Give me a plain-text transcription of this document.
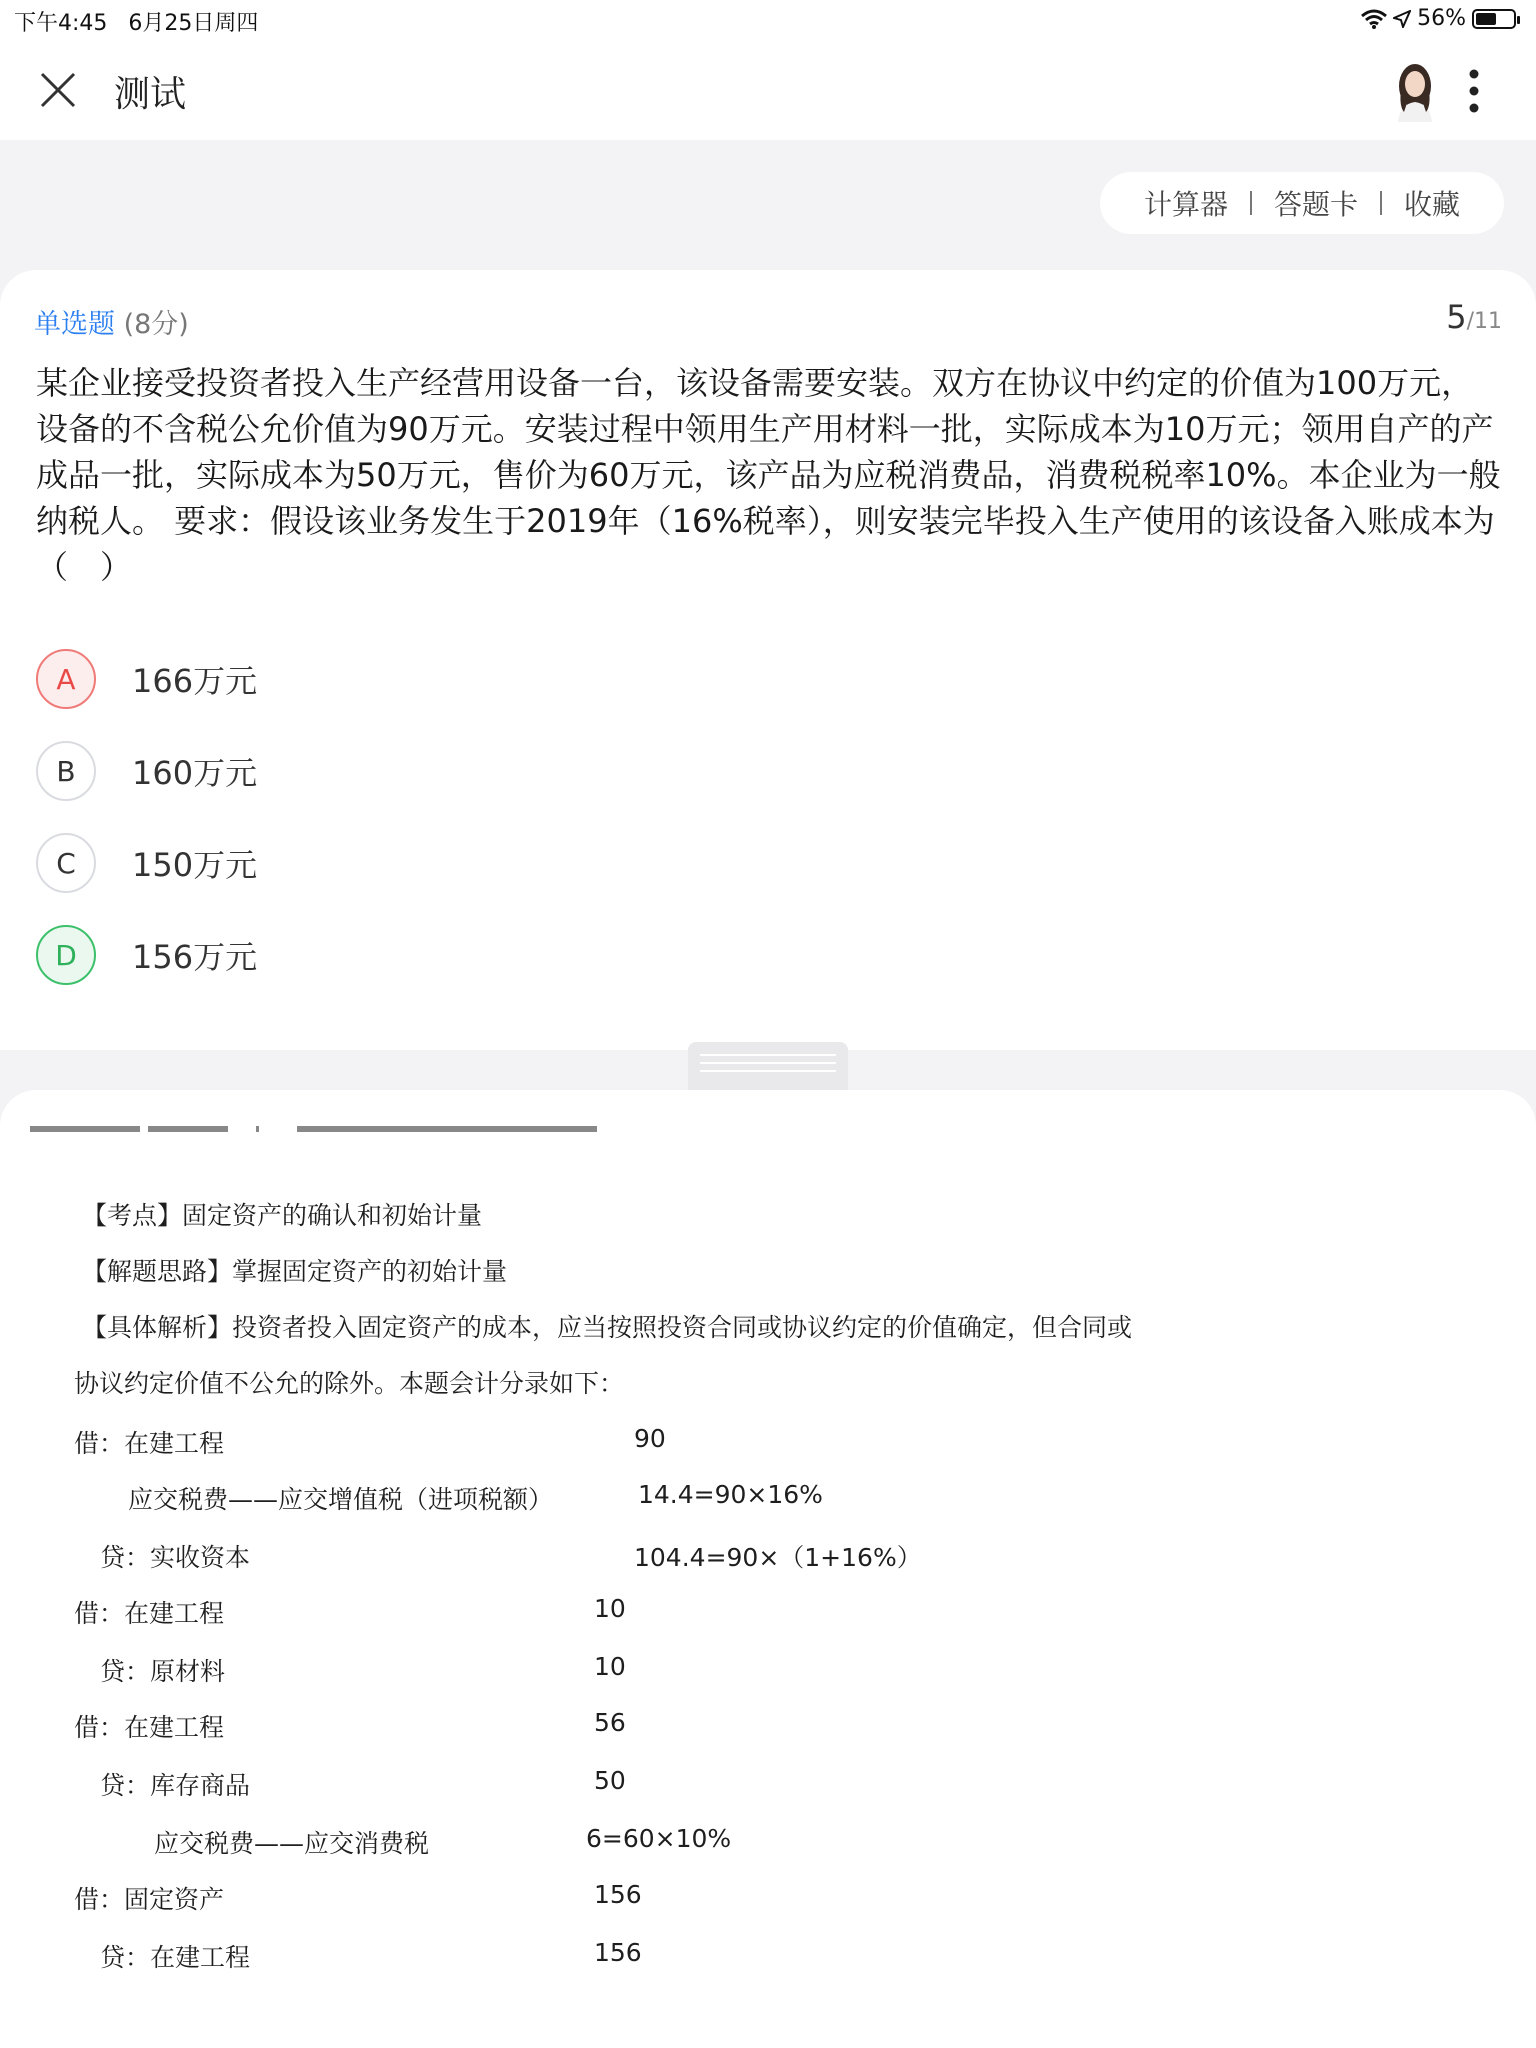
下午4:45 6月25日周四	56%
测试
计算器 答题卡 收藏
单选题 (8分)	5/11
某企业接受投资者投入生产经营用设备一台，该设备需要安装。双方在协议中约定的价值为100万元，设备的不含税公允价值为90万元。安装过程中领用生产用材料一批，实际成本为10万元；领用自产的产成品一批，实际成本为50万元，售价为60万元，该产品为应税消费品，消费税税率10%。本企业为一般纳税人。 要求：假设该业务发生于2019年（16%税率），则安装完毕投入生产使用的该设备入账成本为（　）
A	166万元
B	160万元
C	150万元
D	156万元
【考点】固定资产的确认和初始计量
【解题思路】掌握固定资产的初始计量
【具体解析】投资者投入固定资产的成本，应当按照投资合同或协议约定的价值确定，但合同或
协议约定价值不公允的除外。本题会计分录如下：
借：在建工程	90
应交税费——应交增值税（进项税额）	14.4=90×16%
贷：实收资本	104.4=90×（1+16%）
借：在建工程	10
贷：原材料	10
借：在建工程	56
贷：库存商品	50
应交税费——应交消费税	6=60×10%
借：固定资产	156
贷：在建工程	156
